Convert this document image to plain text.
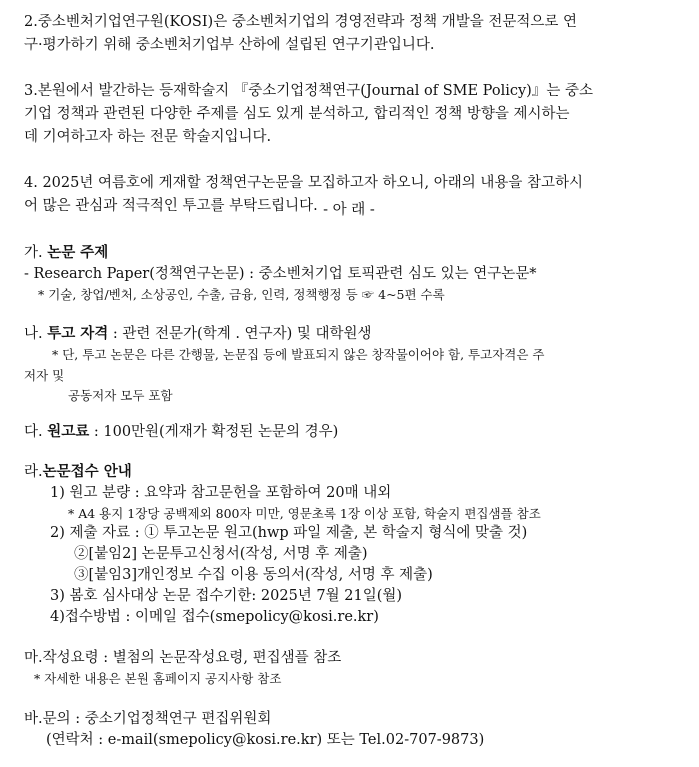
2.중소벤처기업연구원(KOSI)은 중소벤처기업의 경영전략과 정책 개발을 전문적으로 연
구·평가하기 위해 중소벤처기업부 산하에 설립된 연구기관입니다.
3.본원에서 발간하는 등재학술지 『중소기업정책연구(Journal of SME Policy)』는 중소
기업 정책과 관련된 다양한 주제를 심도 있게 분석하고, 합리적인 정책 방향을 제시하는
데 기여하고자 하는 전문 학술지입니다.
4. 2025년 여름호에 게재할 정책연구논문을 모집하고자 하오니, 아래의 내용을 참고하시
어 많은 관심과 적극적인 투고를 부탁드립니다. - 아 래 -
가. 논문 주제
- Research Paper(정책연구논문) : 중소벤처기업 토픽관련 심도 있는 연구논문*
* 기술, 창업/벤처, 소상공인, 수출, 금융, 인력, 정책행정 등 ☞ 4~5편 수록
나. 투고 자격 : 관련 전문가(학계 . 연구자) 및 대학원생
* 단, 투고 논문은 다른 간행물, 논문집 등에 발표되지 않은 창작물이어야 함, 투고자격은 주
저자 및
공동저자 모두 포함
다. 원고료 : 100만원(게재가 확정된 논문의 경우)
라.논문접수 안내
1) 원고 분량 : 요약과 참고문헌을 포함하여 20매 내외
* A4 용지 1장당 공백제외 800자 미만, 영문초록 1장 이상 포함, 학술지 편집샘플 참조
2) 제출 자료 : ① 투고논문 원고(hwp 파일 제출, 본 학술지 형식에 맞출 것)
②[붙임2] 논문투고신청서(작성, 서명 후 제출)
③[붙임3]개인정보 수집 이용 동의서(작성, 서명 후 제출)
3) 봄호 심사대상 논문 접수기한: 2025년 7월 21일(월)
4)접수방법 : 이메일 접수(smepolicy@kosi.re.kr)
마.작성요령 : 별첨의 논문작성요령, 편집샘플 참조
* 자세한 내용은 본원 홈페이지 공지사항 참조
바.문의 : 중소기업정책연구 편집위원회
(연락처 : e-mail(smepolicy@kosi.re.kr) 또는 Tel.02-707-9873)
